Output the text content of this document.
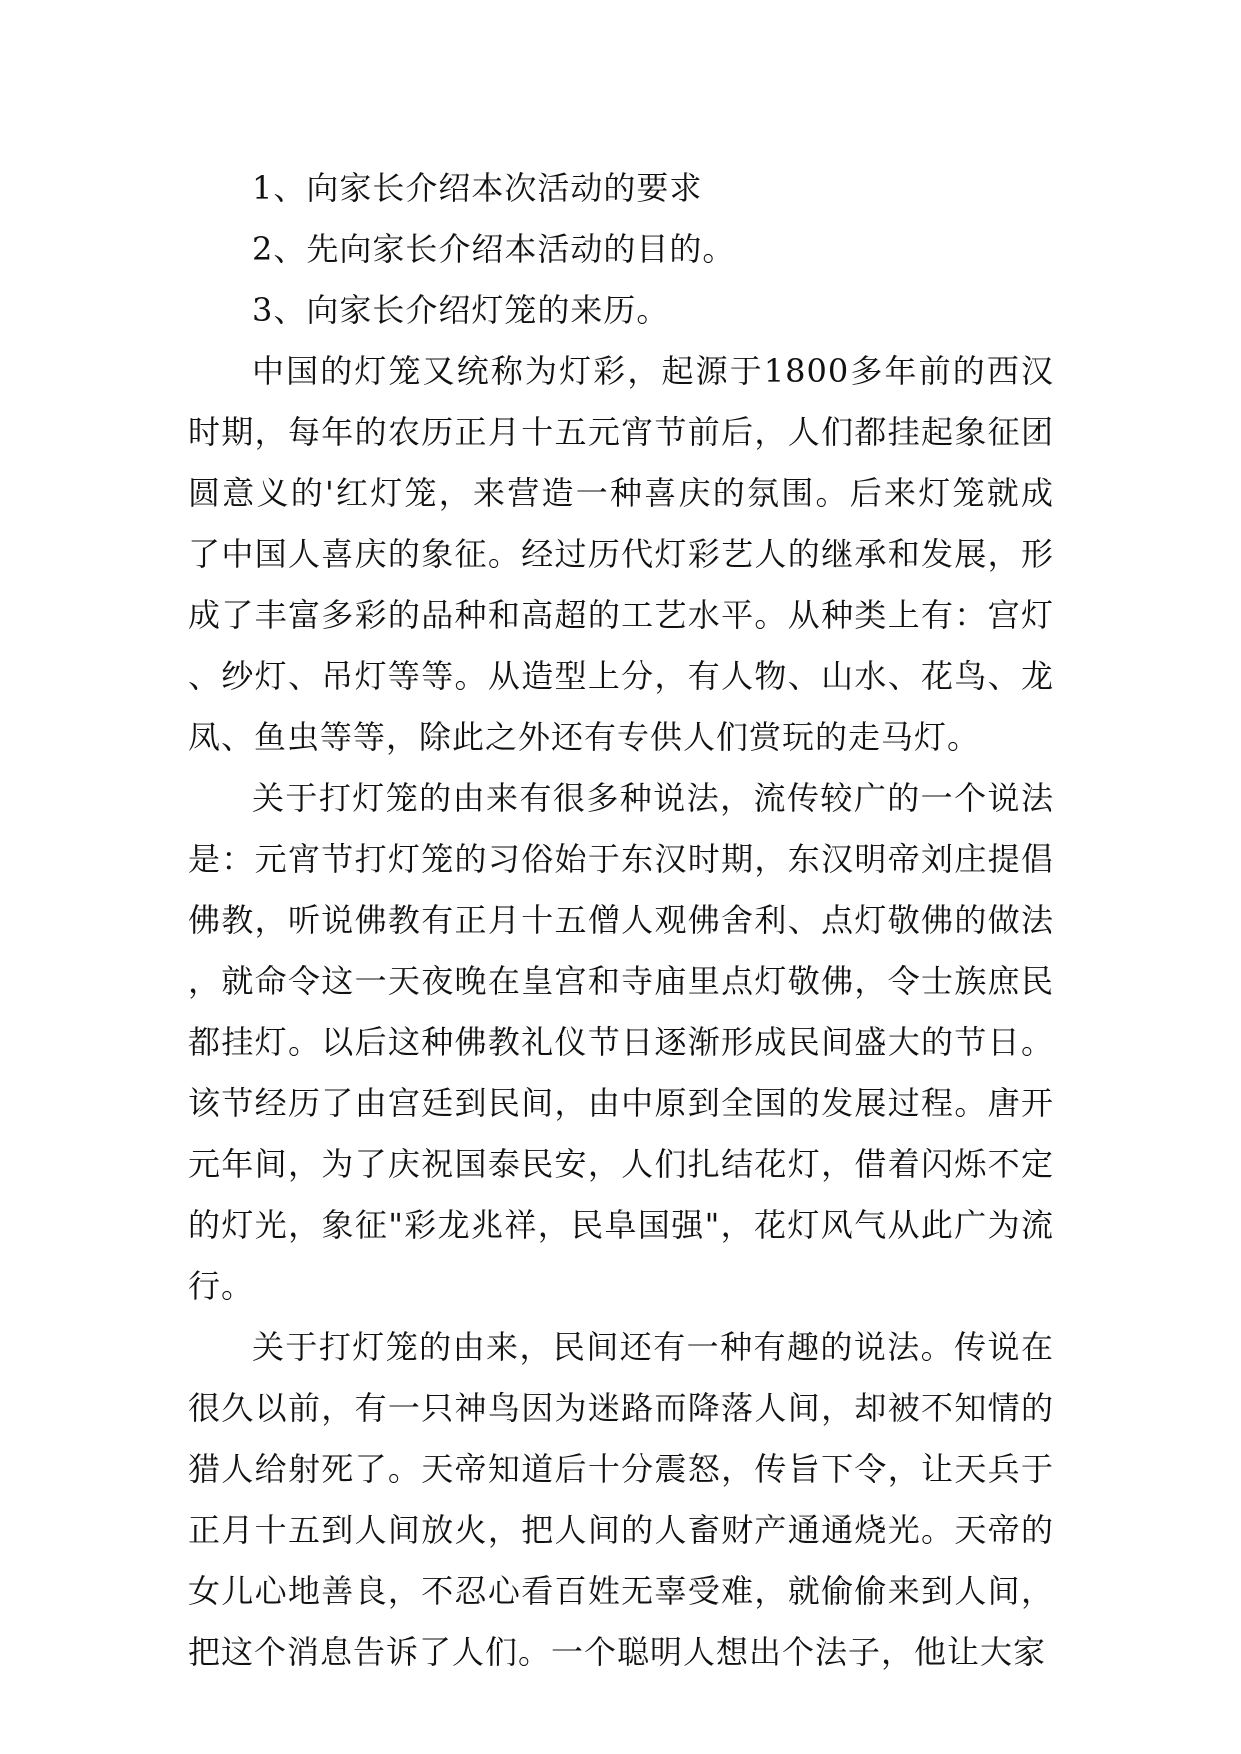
1、向家长介绍本次活动的要求

2、先向家长介绍本活动的目的。

3、向家长介绍灯笼的来历。

中国的灯笼又统称为灯彩，起源于1800多年前的西汉时期，每年的农历正月十五元宵节前后，人们都挂起象征团圆意义的'红灯笼，来营造一种喜庆的氛围。后来灯笼就成了中国人喜庆的象征。经过历代灯彩艺人的继承和发展，形成了丰富多彩的品种和高超的工艺水平。从种类上有：宫灯、纱灯、吊灯等等。从造型上分，有人物、山水、花鸟、龙凤、鱼虫等等，除此之外还有专供人们赏玩的走马灯。

关于打灯笼的由来有很多种说法，流传较广的一个说法是：元宵节打灯笼的习俗始于东汉时期，东汉明帝刘庄提倡佛教，听说佛教有正月十五僧人观佛舍利、点灯敬佛的做法，就命令这一天夜晚在皇宫和寺庙里点灯敬佛，令士族庶民都挂灯。以后这种佛教礼仪节日逐渐形成民间盛大的节日。该节经历了由宫廷到民间，由中原到全国的发展过程。唐开元年间，为了庆祝国泰民安，人们扎结花灯，借着闪烁不定的灯光，象征"彩龙兆祥，民阜国强"，花灯风气从此广为流行。

关于打灯笼的由来，民间还有一种有趣的说法。传说在很久以前，有一只神鸟因为迷路而降落人间，却被不知情的猎人给射死了。天帝知道后十分震怒，传旨下令，让天兵于正月十五到人间放火，把人间的人畜财产通通烧光。天帝的女儿心地善良，不忍心看百姓无辜受难，就偷偷来到人间，把这个消息告诉了人们。一个聪明人想出个法子，他让大家
